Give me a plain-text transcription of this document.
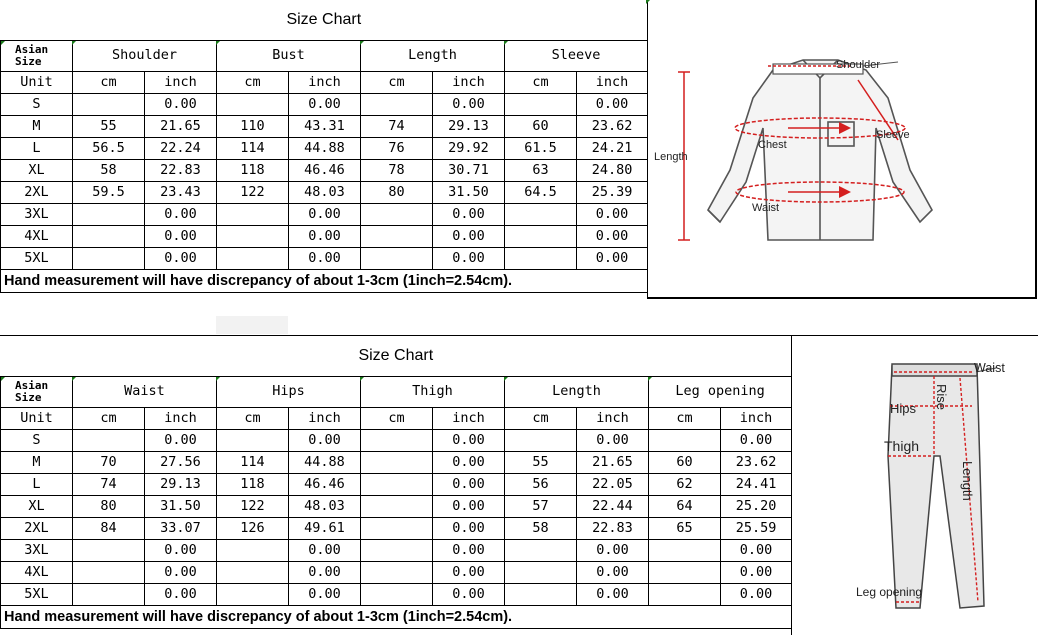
Size Chart								
Asian Size	Shoulder		Bust		Length		Sleeve	
Unit	cm	inch	cm	inch	cm	inch	cm	inch
S		0.00		0.00		0.00		0.00
M	55	21.65	110	43.31	74	29.13	60	23.62
L	56.5	22.24	114	44.88	76	29.92	61.5	24.21
XL	58	22.83	118	46.46	78	30.71	63	24.80
2XL	59.5	23.43	122	48.03	80	31.50	64.5	25.39
3XL		0.00		0.00		0.00		0.00
4XL		0.00		0.00		0.00		0.00
5XL		0.00		0.00		0.00		0.00
Hand measurement will have discrepancy of about 1-3cm (1inch=2.54cm).								
Shoulder
Sleeve
Chest
Waist
Length
Size Chart										
Asian Size	Waist		Hips		Thigh		Length		Leg opening	
Unit	cm	inch	cm	inch	cm	inch	cm	inch	cm	inch
S		0.00		0.00		0.00		0.00		0.00
M	70	27.56	114	44.88		0.00	55	21.65	60	23.62
L	74	29.13	118	46.46		0.00	56	22.05	62	24.41
XL	80	31.50	122	48.03		0.00	57	22.44	64	25.20
2XL	84	33.07	126	49.61		0.00	58	22.83	65	25.59
3XL		0.00		0.00		0.00		0.00		0.00
4XL		0.00		0.00		0.00		0.00		0.00
5XL		0.00		0.00		0.00		0.00		0.00
Hand measurement will have discrepancy of about 1-3cm (1inch=2.54cm).										
Waist
Hips Rise
Thigh
Length
Leg opening
